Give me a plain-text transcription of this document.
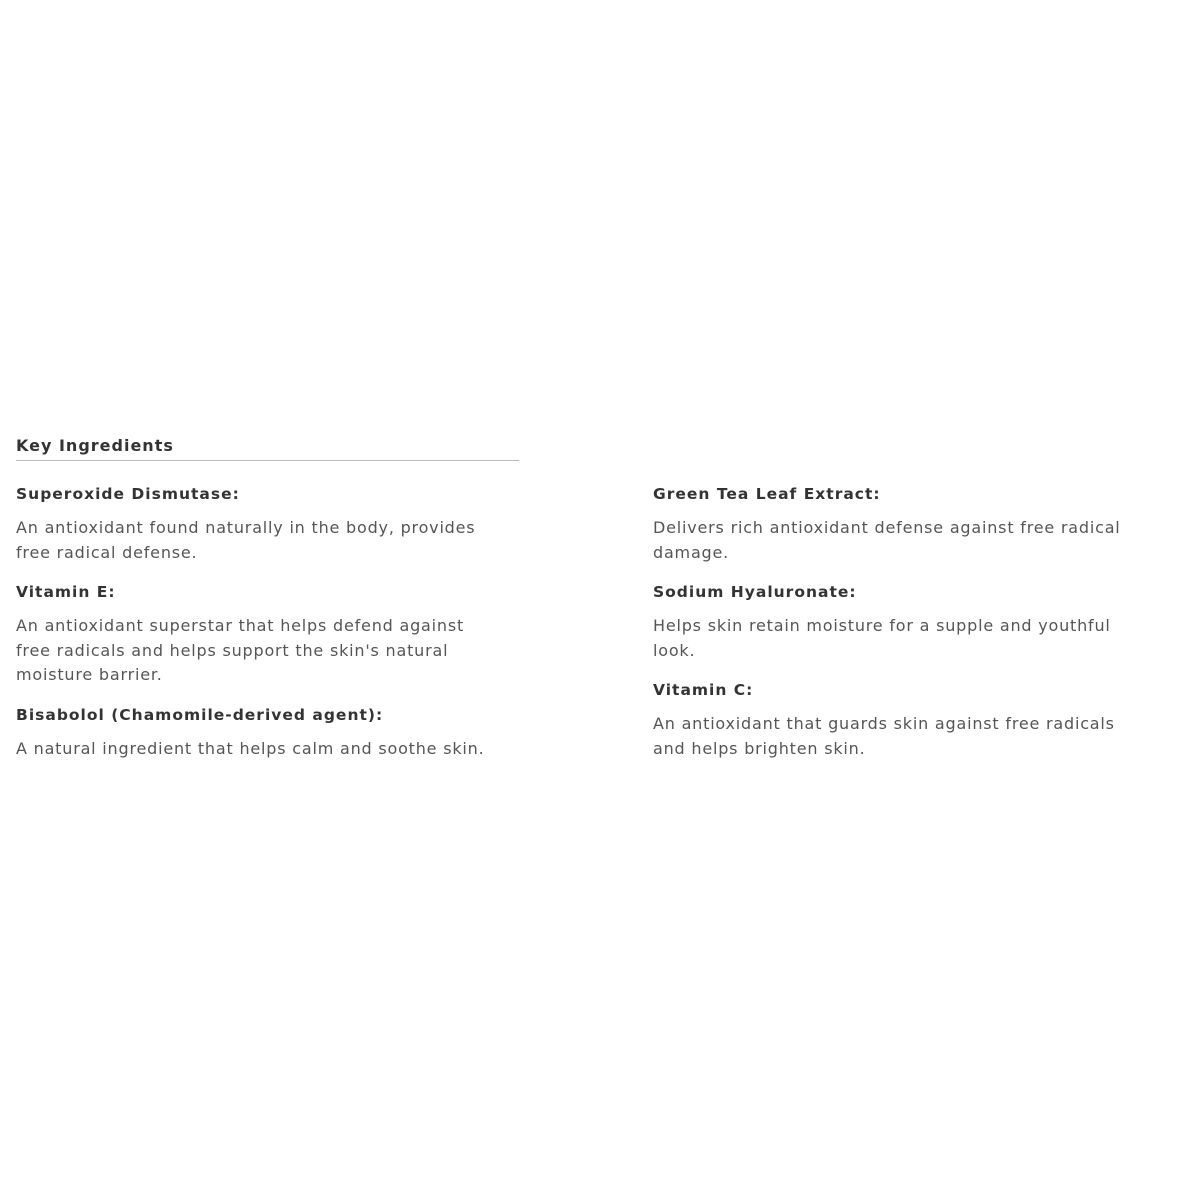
Key Ingredients

Superoxide Dismutase:

An antioxidant found naturally in the body, provides
free radical defense.

Vitamin E:

An antioxidant superstar that helps defend against
free radicals and helps support the skin's natural
moisture barrier.

Bisabolol (Chamomile-derived agent):

A natural ingredient that helps calm and soothe skin.

Green Tea Leaf Extract:

Delivers rich antioxidant defense against free radical
damage.

Sodium Hyaluronate:

Helps skin retain moisture for a supple and youthful
look.

Vitamin C:

An antioxidant that guards skin against free radicals
and helps brighten skin.
